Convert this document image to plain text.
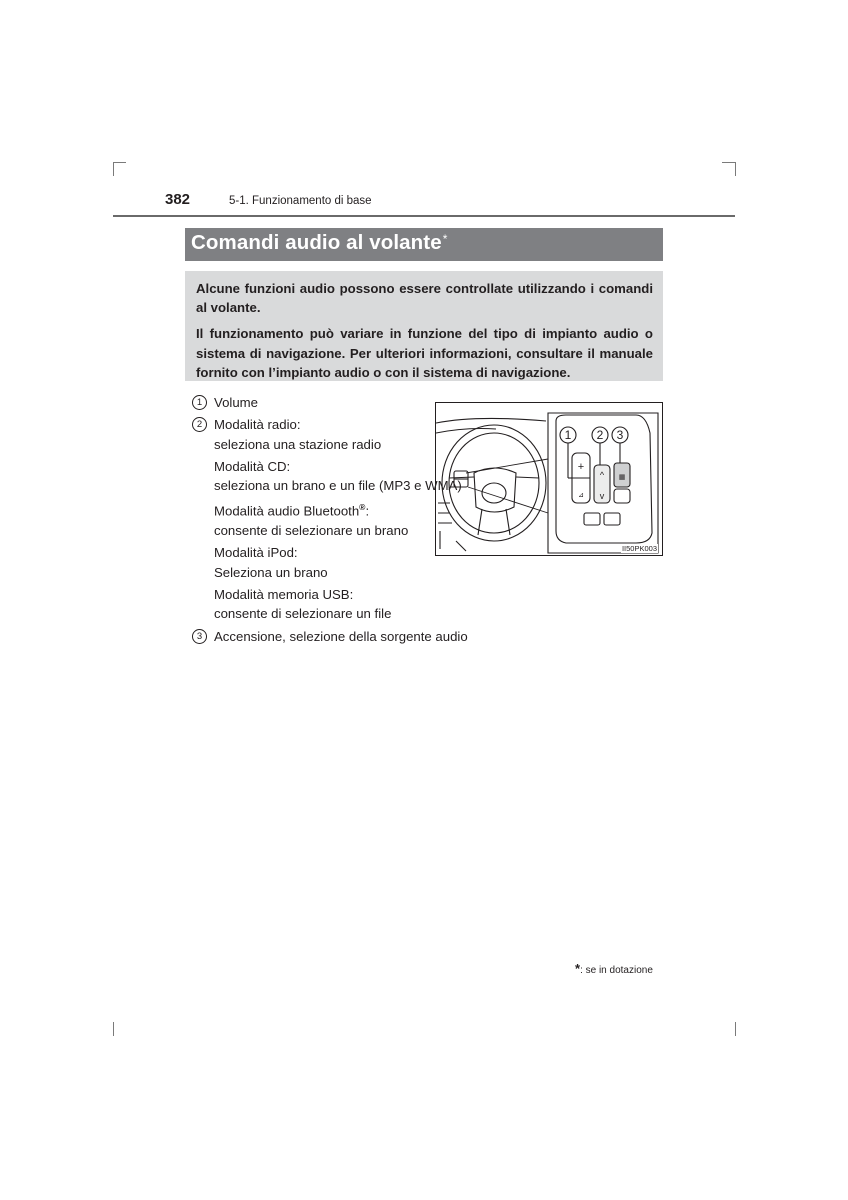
382	5-1. Funzionamento di base
Comandi audio al volante*

Alcune funzioni audio possono essere controllate utilizzando i comandi al volante.

Il funzionamento può variare in funzione del tipo di impianto audio o sistema di navigazione. Per ulteriori informazioni, consultare il manuale fornito con l’impianto audio o con il sistema di navigazione.

1 Volume
2 Modalità radio:
seleziona una stazione radio
Modalità CD:
seleziona un brano e un file (MP3 e WMA)
Modalità audio Bluetooth®:
consente di selezionare un brano
Modalità iPod:
Seleziona un brano
Modalità memoria USB:
consente di selezionare un file
3 Accensione, selezione della sorgente audio
+
⊿
^
v
▦
1 2 3
II50PK003
*: se in dotazione
